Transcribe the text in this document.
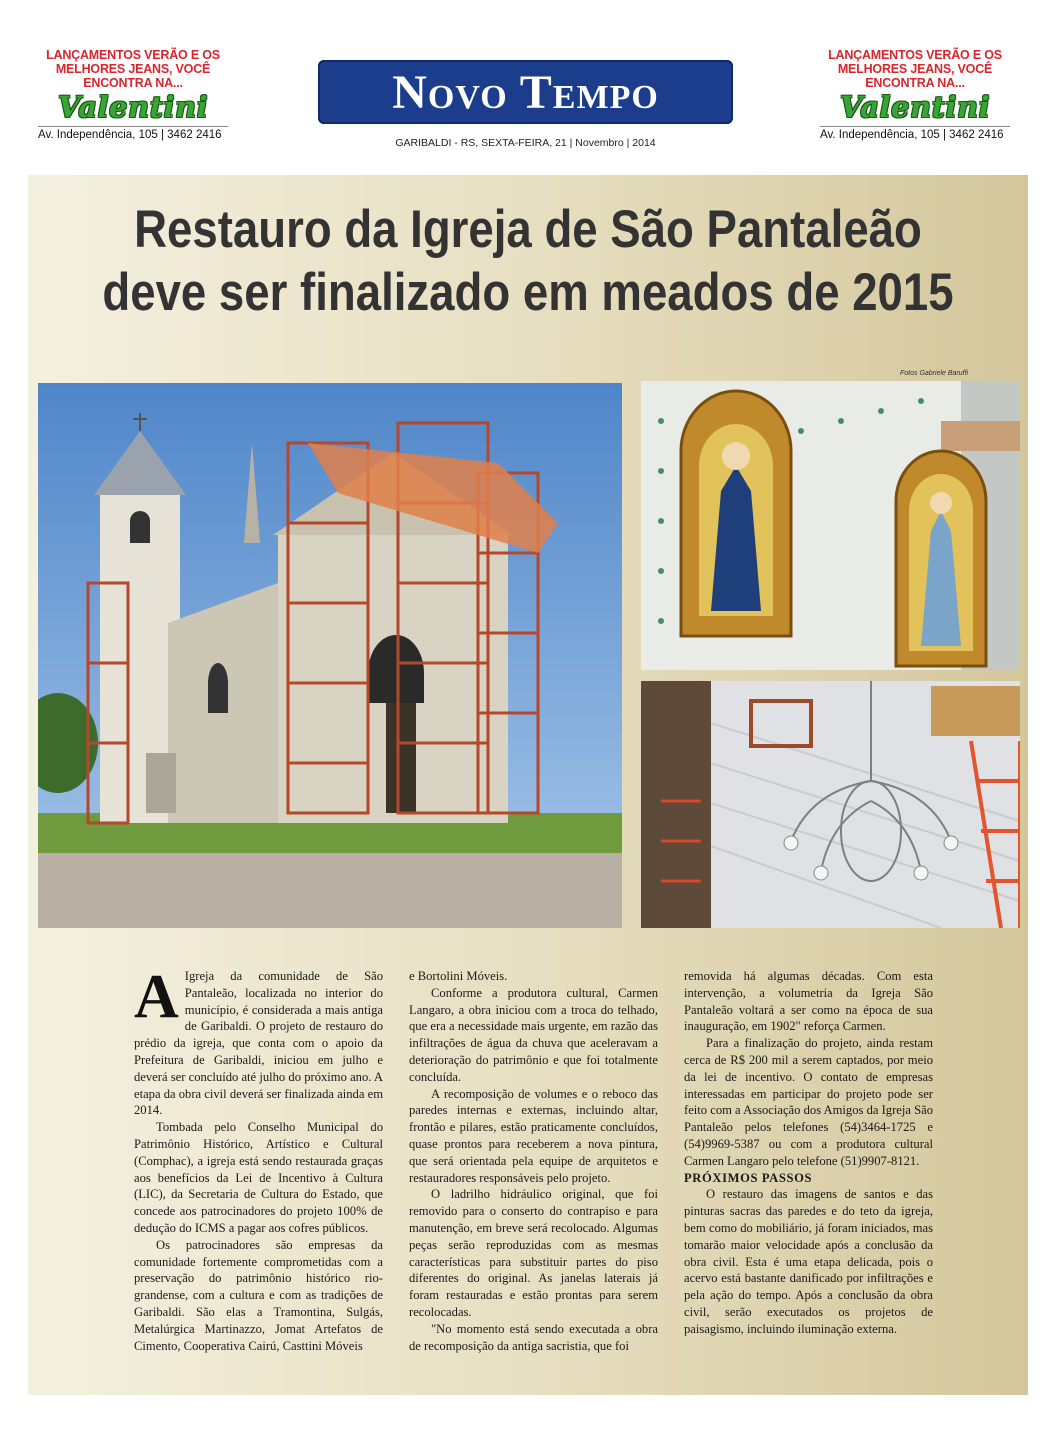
LANÇAMENTOS VERÃO E OS MELHORES JEANS, VOCÊ ENCONTRA NA...
Valentini
Av. Independência, 105 | 3462 2416
Novo Tempo
GARIBALDI - RS, SEXTA-FEIRA, 21 | Novembro | 2014
LANÇAMENTOS VERÃO E OS MELHORES JEANS, VOCÊ ENCONTRA NA...
Valentini
Av. Independência, 105 | 3462 2416
Restauro da Igreja de São Pantaleão deve ser finalizado em meados de 2015
Fotos Gabriele Baruffi

A Igreja da comunidade de São Pantaleão, localizada no interior do município, é considerada a mais antiga de Garibaldi. O projeto de restauro do prédio da igreja, que conta com o apoio da Prefeitura de Garibaldi, iniciou em julho e deverá ser concluído até julho do próximo ano. A etapa da obra civil deverá ser finalizada ainda em 2014.

Tombada pelo Conselho Municipal do Patrimônio Histórico, Artístico e Cultural (Comphac), a igreja está sendo restaurada graças aos benefícios da Lei de Incentivo à Cultura (LIC), da Secretaria de Cultura do Estado, que concede aos patrocinadores do projeto 100% de dedução do ICMS a pagar aos cofres públicos.

Os patrocinadores são empresas da comunidade fortemente comprometidas com a preservação do patrimônio histórico rio-grandense, com a cultura e com as tradições de Garibaldi. São elas a Tramontina, Sulgás, Metalúrgica Martinazzo, Jomat Artefatos de Cimento, Cooperativa Cairú, Casttini Móveis

e Bortolini Móveis.

Conforme a produtora cultural, Carmen Langaro, a obra iniciou com a troca do telhado, que era a necessidade mais urgente, em razão das infiltrações de água da chuva que aceleravam a deterioração do patrimônio e que foi totalmente concluída.

A recomposição de volumes e o reboco das paredes internas e externas, incluindo altar, frontão e pilares, estão praticamente concluídos, quase prontos para receberem a nova pintura, que será orientada pela equipe de arquitetos e restauradores responsáveis pelo projeto.

O ladrilho hidráulico original, que foi removido para o conserto do contrapiso e para manutenção, em breve será recolocado. Algumas peças serão reproduzidas com as mesmas características para substituir partes do piso diferentes do original. As janelas laterais já foram restauradas e estão prontas para serem recolocadas.

"No momento está sendo executada a obra de recomposição da antiga sacristia, que foi

removida há algumas décadas. Com esta intervenção, a volumetria da Igreja São Pantaleão voltará a ser como na época de sua inauguração, em 1902" reforça Carmen.

Para a finalização do projeto, ainda restam cerca de R$ 200 mil a serem captados, por meio da lei de incentivo. O contato de empresas interessadas em participar do projeto pode ser feito com a Associação dos Amigos da Igreja São Pantaleão pelos telefones (54)3464-1725 e (54)9969-5387 ou com a produtora cultural Carmen Langaro pelo telefone (51)9907-8121.

PRÓXIMOS PASSOS

O restauro das imagens de santos e das pinturas sacras das paredes e do teto da igreja, bem como do mobiliário, já foram iniciados, mas tomarão maior velocidade após a conclusão da obra civil. Esta é uma etapa delicada, pois o acervo está bastante danificado por infiltrações e pela ação do tempo. Após a conclusão da obra civil, serão executados os projetos de paisagismo, incluindo iluminação externa.
